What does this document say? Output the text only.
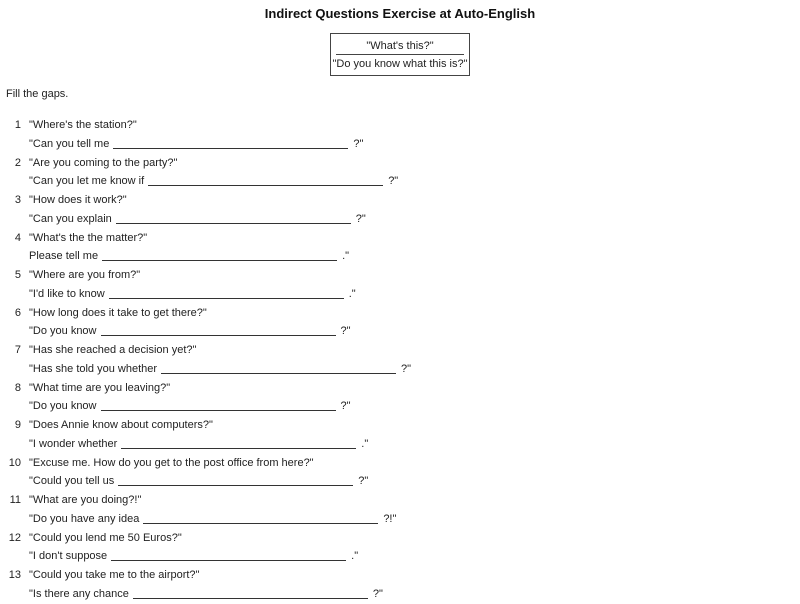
Indirect Questions Exercise at Auto-English
"What's this?"
"Do you know what this is?"
Fill the gaps.
1 "Where's the station?"
"Can you tell me	?"
2 "Are you coming to the party?"
"Can you let me know if	?"
3 "How does it work?"
"Can you explain	?"
4 "What's the the matter?"
Please tell me	."
5 "Where are you from?"
"I'd like to know	."
6 "How long does it take to get there?"
"Do you know	?"
7 "Has she reached a decision yet?"
"Has she told you whether	?"
8 "What time are you leaving?"
"Do you know	?"
9 "Does Annie know about computers?"
"I wonder whether	."
10 "Excuse me. How do you get to the post office from here?"
"Could you tell us	?"
11 "What are you doing?!"
"Do you have any idea	?!"
12 "Could you lend me 50 Euros?"
"I don't suppose	."
13 "Could you take me to the airport?"
"Is there any chance	?"
